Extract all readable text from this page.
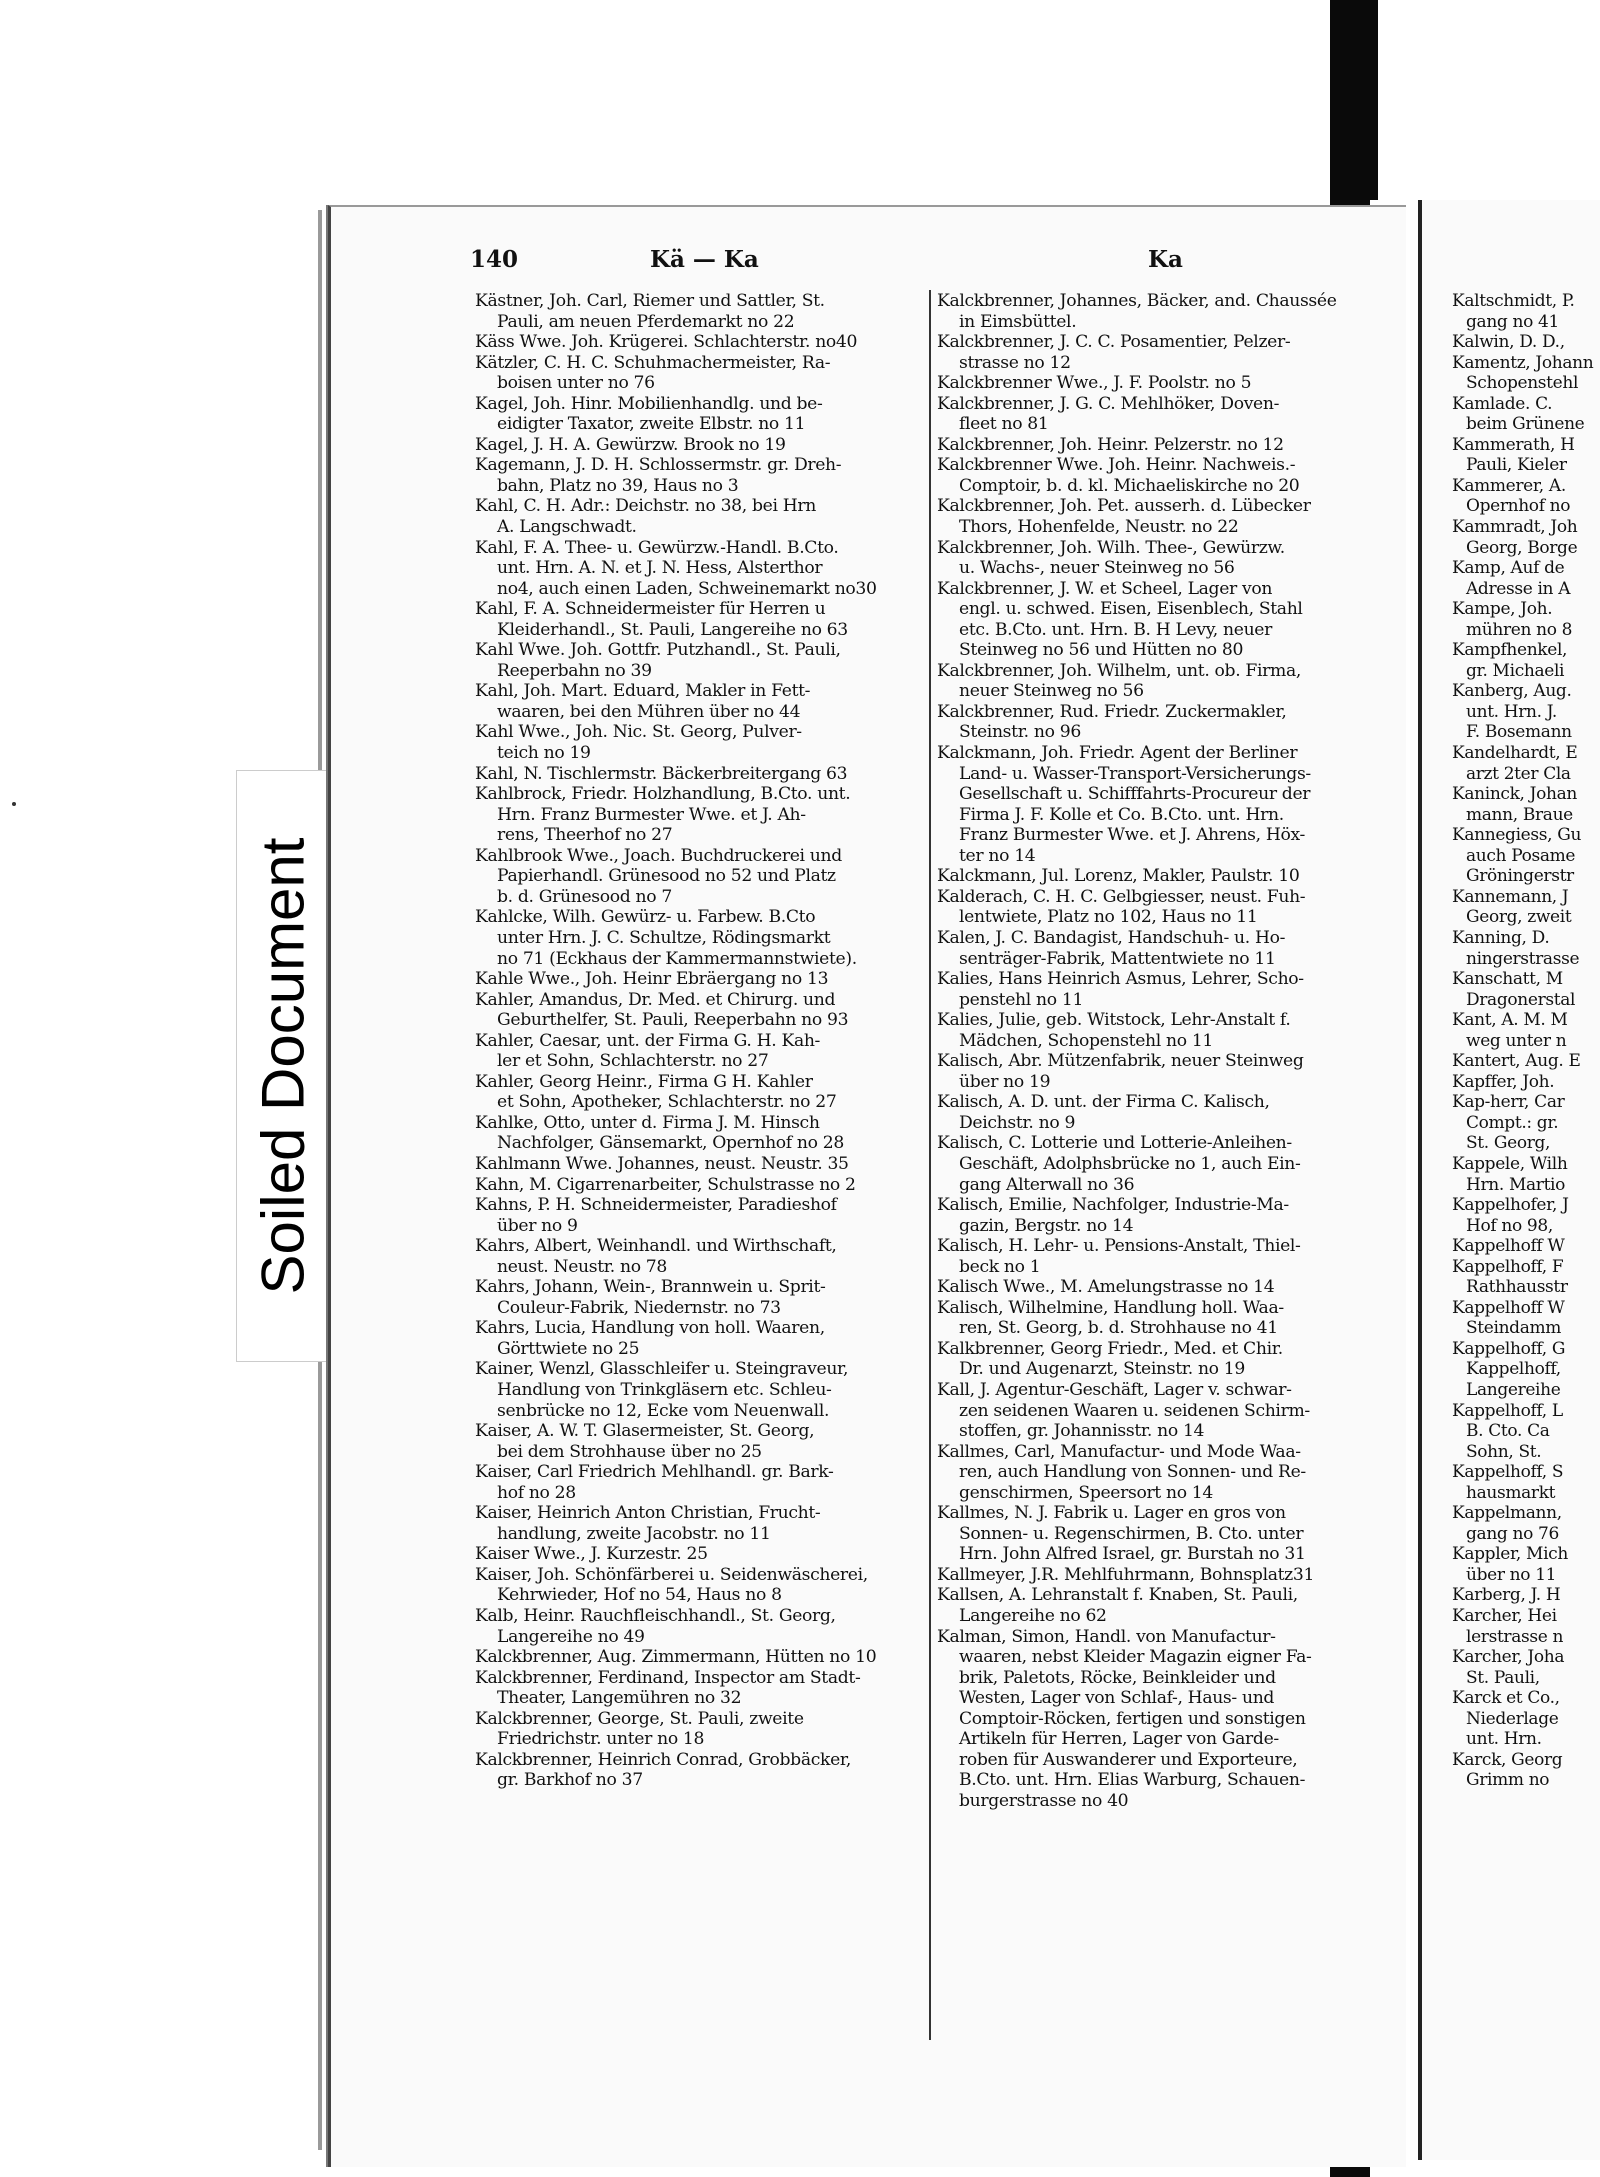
Soiled Document
140	Kä — Ka	Ka
Kästner, Joh. Carl, Riemer und Sattler, St.
Pauli, am neuen Pferdemarkt no 22
Käss Wwe. Joh. Krügerei. Schlachterstr. no40
Kätzler, C. H. C. Schuhmachermeister, Ra-
boisen unter no 76
Kagel, Joh. Hinr. Mobilienhandlg. und be-
eidigter Taxator, zweite Elbstr. no 11
Kagel, J. H. A. Gewürzw. Brook no 19
Kagemann, J. D. H. Schlossermstr. gr. Dreh-
bahn, Platz no 39, Haus no 3
Kahl, C. H. Adr.: Deichstr. no 38, bei Hrn
A. Langschwadt.
Kahl, F. A. Thee- u. Gewürzw.-Handl. B.Cto.
unt. Hrn. A. N. et J. N. Hess, Alsterthor
no4, auch einen Laden, Schweinemarkt no30
Kahl, F. A. Schneidermeister für Herren u
Kleiderhandl., St. Pauli, Langereihe no 63
Kahl Wwe. Joh. Gottfr. Putzhandl., St. Pauli,
Reeperbahn no 39
Kahl, Joh. Mart. Eduard, Makler in Fett-
waaren, bei den Mühren über no 44
Kahl Wwe., Joh. Nic. St. Georg, Pulver-
teich no 19
Kahl, N. Tischlermstr. Bäckerbreitergang 63
Kahlbrock, Friedr. Holzhandlung, B.Cto. unt.
Hrn. Franz Burmester Wwe. et J. Ah-
rens, Theerhof no 27
Kahlbrook Wwe., Joach. Buchdruckerei und
Papierhandl. Grünesood no 52 und Platz
b. d. Grünesood no 7
Kahlcke, Wilh. Gewürz- u. Farbew. B.Cto
unter Hrn. J. C. Schultze, Rödingsmarkt
no 71 (Eckhaus der Kammermannstwiete).
Kahle Wwe., Joh. Heinr Ebräergang no 13
Kahler, Amandus, Dr. Med. et Chirurg. und
Geburthelfer, St. Pauli, Reeperbahn no 93
Kahler, Caesar, unt. der Firma G. H. Kah-
ler et Sohn, Schlachterstr. no 27
Kahler, Georg Heinr., Firma G H. Kahler
et Sohn, Apotheker, Schlachterstr. no 27
Kahlke, Otto, unter d. Firma J. M. Hinsch
Nachfolger, Gänsemarkt, Opernhof no 28
Kahlmann Wwe. Johannes, neust. Neustr. 35
Kahn, M. Cigarrenarbeiter, Schulstrasse no 2
Kahns, P. H. Schneidermeister, Paradieshof
über no 9
Kahrs, Albert, Weinhandl. und Wirthschaft,
neust. Neustr. no 78
Kahrs, Johann, Wein-, Brannwein u. Sprit-
Couleur-Fabrik, Niedernstr. no 73
Kahrs, Lucia, Handlung von holl. Waaren,
Görttwiete no 25
Kainer, Wenzl, Glasschleifer u. Steingraveur,
Handlung von Trinkgläsern etc. Schleu-
senbrücke no 12, Ecke vom Neuenwall.
Kaiser, A. W. T. Glasermeister, St. Georg,
bei dem Strohhause über no 25
Kaiser, Carl Friedrich Mehlhandl. gr. Bark-
hof no 28
Kaiser, Heinrich Anton Christian, Frucht-
handlung, zweite Jacobstr. no 11
Kaiser Wwe., J. Kurzestr. 25
Kaiser, Joh. Schönfärberei u. Seidenwäscherei,
Kehrwieder, Hof no 54, Haus no 8
Kalb, Heinr. Rauchfleischhandl., St. Georg,
Langereihe no 49
Kalckbrenner, Aug. Zimmermann, Hütten no 10
Kalckbrenner, Ferdinand, Inspector am Stadt-
Theater, Langemühren no 32
Kalckbrenner, George, St. Pauli, zweite
Friedrichstr. unter no 18
Kalckbrenner, Heinrich Conrad, Grobbäcker,
gr. Barkhof no 37
Kalckbrenner, Johannes, Bäcker, and. Chaussée
in Eimsbüttel.
Kalckbrenner, J. C. C. Posamentier, Pelzer-
strasse no 12
Kalckbrenner Wwe., J. F. Poolstr. no 5
Kalckbrenner, J. G. C. Mehlhöker, Doven-
fleet no 81
Kalckbrenner, Joh. Heinr. Pelzerstr. no 12
Kalckbrenner Wwe. Joh. Heinr. Nachweis.-
Comptoir, b. d. kl. Michaeliskirche no 20
Kalckbrenner, Joh. Pet. ausserh. d. Lübecker
Thors, Hohenfelde, Neustr. no 22
Kalckbrenner, Joh. Wilh. Thee-, Gewürzw.
u. Wachs-, neuer Steinweg no 56
Kalckbrenner, J. W. et Scheel, Lager von
engl. u. schwed. Eisen, Eisenblech, Stahl
etc. B.Cto. unt. Hrn. B. H Levy, neuer
Steinweg no 56 und Hütten no 80
Kalckbrenner, Joh. Wilhelm, unt. ob. Firma,
neuer Steinweg no 56
Kalckbrenner, Rud. Friedr. Zuckermakler,
Steinstr. no 96
Kalckmann, Joh. Friedr. Agent der Berliner
Land- u. Wasser-Transport-Versicherungs-
Gesellschaft u. Schifffahrts-Procureur der
Firma J. F. Kolle et Co. B.Cto. unt. Hrn.
Franz Burmester Wwe. et J. Ahrens, Höx-
ter no 14
Kalckmann, Jul. Lorenz, Makler, Paulstr. 10
Kalderach, C. H. C. Gelbgiesser, neust. Fuh-
lentwiete, Platz no 102, Haus no 11
Kalen, J. C. Bandagist, Handschuh- u. Ho-
senträger-Fabrik, Mattentwiete no 11
Kalies, Hans Heinrich Asmus, Lehrer, Scho-
penstehl no 11
Kalies, Julie, geb. Witstock, Lehr-Anstalt f.
Mädchen, Schopenstehl no 11
Kalisch, Abr. Mützenfabrik, neuer Steinweg
über no 19
Kalisch, A. D. unt. der Firma C. Kalisch,
Deichstr. no 9
Kalisch, C. Lotterie und Lotterie-Anleihen-
Geschäft, Adolphsbrücke no 1, auch Ein-
gang Alterwall no 36
Kalisch, Emilie, Nachfolger, Industrie-Ma-
gazin, Bergstr. no 14
Kalisch, H. Lehr- u. Pensions-Anstalt, Thiel-
beck no 1
Kalisch Wwe., M. Amelungstrasse no 14
Kalisch, Wilhelmine, Handlung holl. Waa-
ren, St. Georg, b. d. Strohhause no 41
Kalkbrenner, Georg Friedr., Med. et Chir.
Dr. und Augenarzt, Steinstr. no 19
Kall, J. Agentur-Geschäft, Lager v. schwar-
zen seidenen Waaren u. seidenen Schirm-
stoffen, gr. Johannisstr. no 14
Kallmes, Carl, Manufactur- und Mode Waa-
ren, auch Handlung von Sonnen- und Re-
genschirmen, Speersort no 14
Kallmes, N. J. Fabrik u. Lager en gros von
Sonnen- u. Regenschirmen, B. Cto. unter
Hrn. John Alfred Israel, gr. Burstah no 31
Kallmeyer, J.R. Mehlfuhrmann, Bohnsplatz31
Kallsen, A. Lehranstalt f. Knaben, St. Pauli,
Langereihe no 62
Kalman, Simon, Handl. von Manufactur-
waaren, nebst Kleider Magazin eigner Fa-
brik, Paletots, Röcke, Beinkleider und
Westen, Lager von Schlaf-, Haus- und
Comptoir-Röcken, fertigen und sonstigen
Artikeln für Herren, Lager von Garde-
roben für Auswanderer und Exporteure,
B.Cto. unt. Hrn. Elias Warburg, Schauen-
burgerstrasse no 40
Kaltschmidt, P.
gang no 41
Kalwin, D. D.,
Kamentz, Johann
Schopenstehl
Kamlade. C.
beim Grünene
Kammerath, H
Pauli, Kieler
Kammerer, A.
Opernhof no
Kammradt, Joh
Georg, Borge
Kamp, Auf de
Adresse in A
Kampe, Joh.
mühren no 8
Kampfhenkel,
gr. Michaeli
Kanberg, Aug.
unt. Hrn. J.
F. Bosemann
Kandelhardt, E
arzt 2ter Cla
Kaninck, Johan
mann, Braue
Kannegiess, Gu
auch Posame
Gröningerstr
Kannemann, J
Georg, zweit
Kanning, D.
ningerstrasse
Kanschatt, M
Dragonerstal
Kant, A. M. M
weg unter n
Kantert, Aug. E
Kapffer, Joh.
Kap-herr, Car
Compt.: gr.
St. Georg,
Kappele, Wilh
Hrn. Martio
Kappelhofer, J
Hof no 98,
Kappelhoff W
Kappelhoff, F
Rathhausstr
Kappelhoff W
Steindamm
Kappelhoff, G
Kappelhoff,
Langereihe
Kappelhoff, L
B. Cto. Ca
Sohn, St.
Kappelhoff, S
hausmarkt
Kappelmann,
gang no 76
Kappler, Mich
über no 11
Karberg, J. H
Karcher, Hei
lerstrasse n
Karcher, Joha
St. Pauli,
Karck et Co.,
Niederlage
unt. Hrn.
Karck, Georg
Grimm no
